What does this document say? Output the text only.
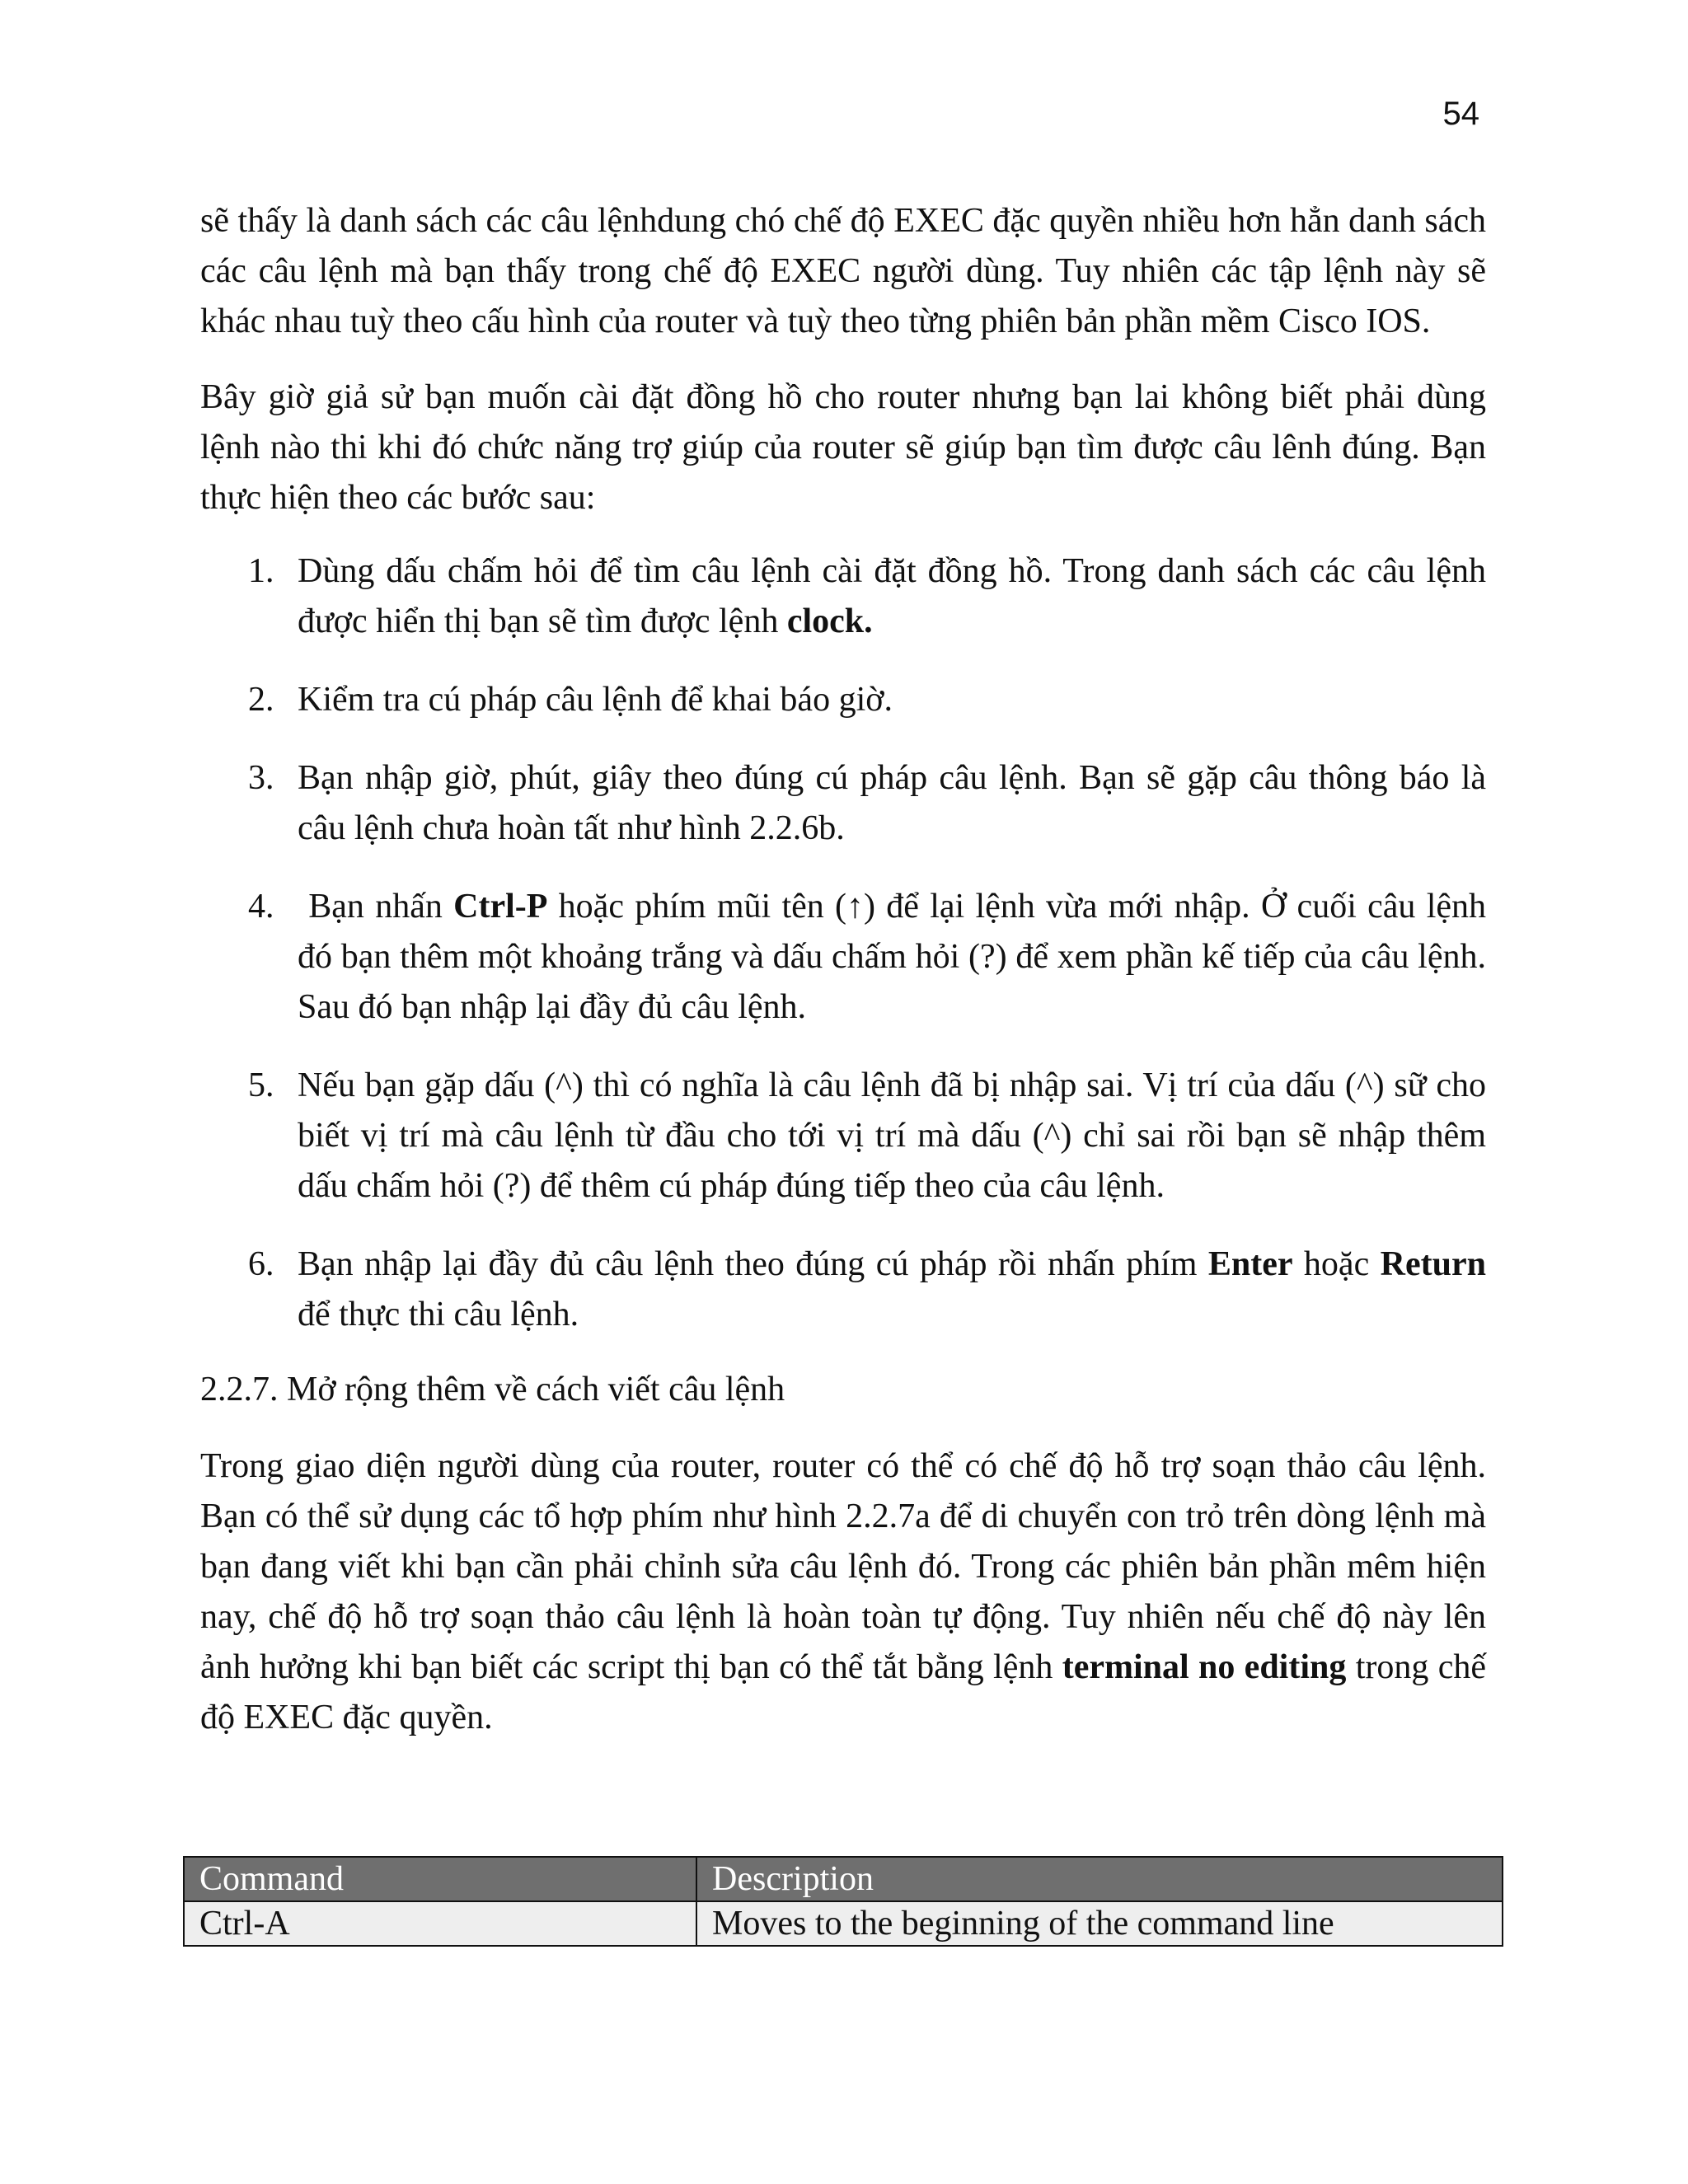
54

sẽ thấy là danh sách các câu lệnhdung chó chế độ EXEC đặc quyền nhiều hơn hẳn danh sách các câu lệnh mà bạn thấy trong chế độ EXEC người dùng. Tuy nhiên các tập lệnh này sẽ khác nhau tuỳ theo cấu hình của router và tuỳ theo từng phiên bản phần mềm Cisco IOS.

Bây giờ giả sử bạn muốn cài đặt đồng hồ cho router nhưng bạn lai không biết phải dùng lệnh nào thi khi đó chức năng trợ giúp của router sẽ giúp bạn tìm được câu lênh đúng. Bạn thực hiện theo các bước sau:

1. Dùng dấu chấm hỏi để tìm câu lệnh cài đặt đồng hồ. Trong danh sách các câu lệnh được hiển thị bạn sẽ tìm được lệnh clock.
2. Kiểm tra cú pháp câu lệnh để khai báo giờ.
3. Bạn nhập giờ, phút, giây theo đúng cú pháp câu lệnh. Bạn sẽ gặp câu thông báo là câu lệnh chưa hoàn tất như hình 2.2.6b.
4. Bạn nhấn Ctrl-P hoặc phím mũi tên (↑) để lại lệnh vừa mới nhập. Ở cuối câu lệnh đó bạn thêm một khoảng trắng và dấu chấm hỏi (?) để xem phần kế tiếp của câu lệnh. Sau đó bạn nhập lại đầy đủ câu lệnh.
5. Nếu bạn gặp dấu (^) thì có nghĩa là câu lệnh đã bị nhập sai. Vị trí của dấu (^) sữ cho biết vị trí mà câu lệnh từ đầu cho tới vị trí mà dấu (^) chỉ sai rồi bạn sẽ nhập thêm dấu chấm hỏi (?) để thêm cú pháp đúng tiếp theo của câu lệnh.
6. Bạn nhập lại đầy đủ câu lệnh theo đúng cú pháp rồi nhấn phím Enter hoặc Return để thực thi câu lệnh.

2.2.7. Mở rộng thêm về cách viết câu lệnh

Trong giao diện người dùng của router, router có thể có chế độ hỗ trợ soạn thảo câu lệnh. Bạn có thể sử dụng các tổ hợp phím như hình 2.2.7a để di chuyển con trỏ trên dòng lệnh mà bạn đang viết khi bạn cần phải chỉnh sửa câu lệnh đó. Trong các phiên bản phần mêm hiện nay, chế độ hỗ trợ soạn thảo câu lệnh là hoàn toàn tự động. Tuy nhiên nếu chế độ này lên ảnh hưởng khi bạn biết các script thị bạn có thể tắt bằng lệnh terminal no editing trong chế độ EXEC đặc quyền.

Command	Description
Ctrl-A	Moves to the beginning of the command line
